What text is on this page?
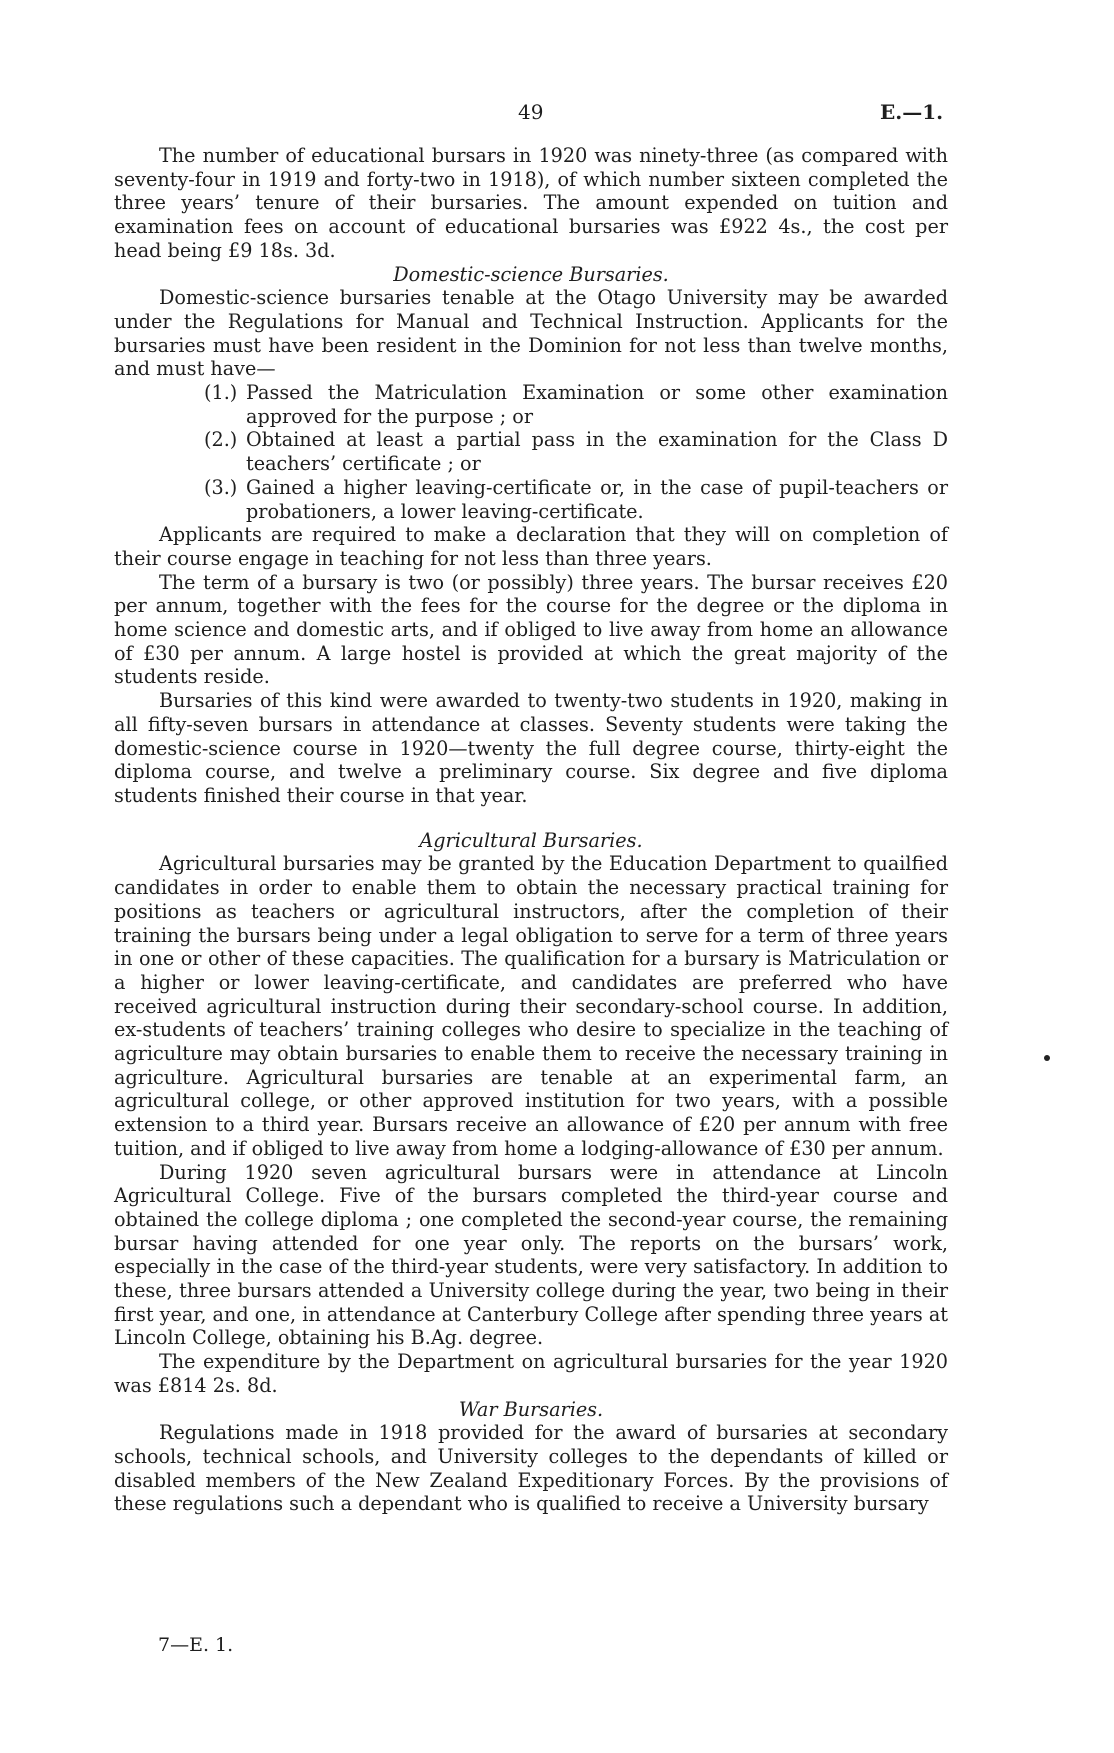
49	E.—1.

The number of educational bursars in 1920 was ninety-three (as compared with seventy-four in 1919 and forty-two in 1918), of which number sixteen completed the three years’ tenure of their bursaries. The amount expended on tuition and examination fees on account of educational bursaries was £922 4s., the cost per head being £9 18s. 3d.

Domestic-science Bursaries.

Domestic-science bursaries tenable at the Otago University may be awarded under the Regulations for Manual and Technical Instruction. Applicants for the bursaries must have been resident in the Dominion for not less than twelve months, and must have—

(1.) Passed the Matriculation Examination or some other examination approved for the purpose ; or
(2.) Obtained at least a partial pass in the examination for the Class D teachers’ certificate ; or
(3.) Gained a higher leaving-certificate or, in the case of pupil-teachers or probationers, a lower leaving-certificate.

Applicants are required to make a declaration that they will on completion of their course engage in teaching for not less than three years.

The term of a bursary is two (or possibly) three years. The bursar receives £20 per annum, together with the fees for the course for the degree or the diploma in home science and domestic arts, and if obliged to live away from home an allowance of £30 per annum. A large hostel is provided at which the great majority of the students reside.

Bursaries of this kind were awarded to twenty-two students in 1920, making in all fifty-seven bursars in attendance at classes. Seventy students were taking the domestic-science course in 1920—twenty the full degree course, thirty-eight the diploma course, and twelve a preliminary course. Six degree and five diploma students finished their course in that year.

Agricultural Bursaries.

Agricultural bursaries may be granted by the Education Department to quailfied candidates in order to enable them to obtain the necessary practical training for positions as teachers or agricultural instructors, after the completion of their training the bursars being under a legal obligation to serve for a term of three years in one or other of these capacities. The qualification for a bursary is Matriculation or a higher or lower leaving-certificate, and candidates are preferred who have received agricultural instruction during their secondary-school course. In addition, ex-students of teachers’ training colleges who desire to specialize in the teaching of agriculture may obtain bursaries to enable them to receive the necessary training in agriculture. Agricultural bursaries are tenable at an experimental farm, an agricultural college, or other approved institution for two years, with a possible extension to a third year. Bursars receive an allowance of £20 per annum with free tuition, and if obliged to live away from home a lodging-allowance of £30 per annum.

During 1920 seven agricultural bursars were in attendance at Lincoln Agricultural College. Five of the bursars completed the third-year course and obtained the college diploma ; one completed the second-year course, the remaining bursar having attended for one year only. The reports on the bursars’ work, especially in the case of the third-year students, were very satisfactory. In addition to these, three bursars attended a University college during the year, two being in their first year, and one, in attendance at Canterbury College after spending three years at Lincoln College, obtaining his B.Ag. degree.

The expenditure by the Department on agricultural bursaries for the year 1920 was £814 2s. 8d.

War Bursaries.

Regulations made in 1918 provided for the award of bursaries at secondary schools, technical schools, and University colleges to the dependants of killed or disabled members of the New Zealand Expeditionary Forces. By the provisions of these regulations such a dependant who is qualified to receive a University bursary

7—E. 1.
